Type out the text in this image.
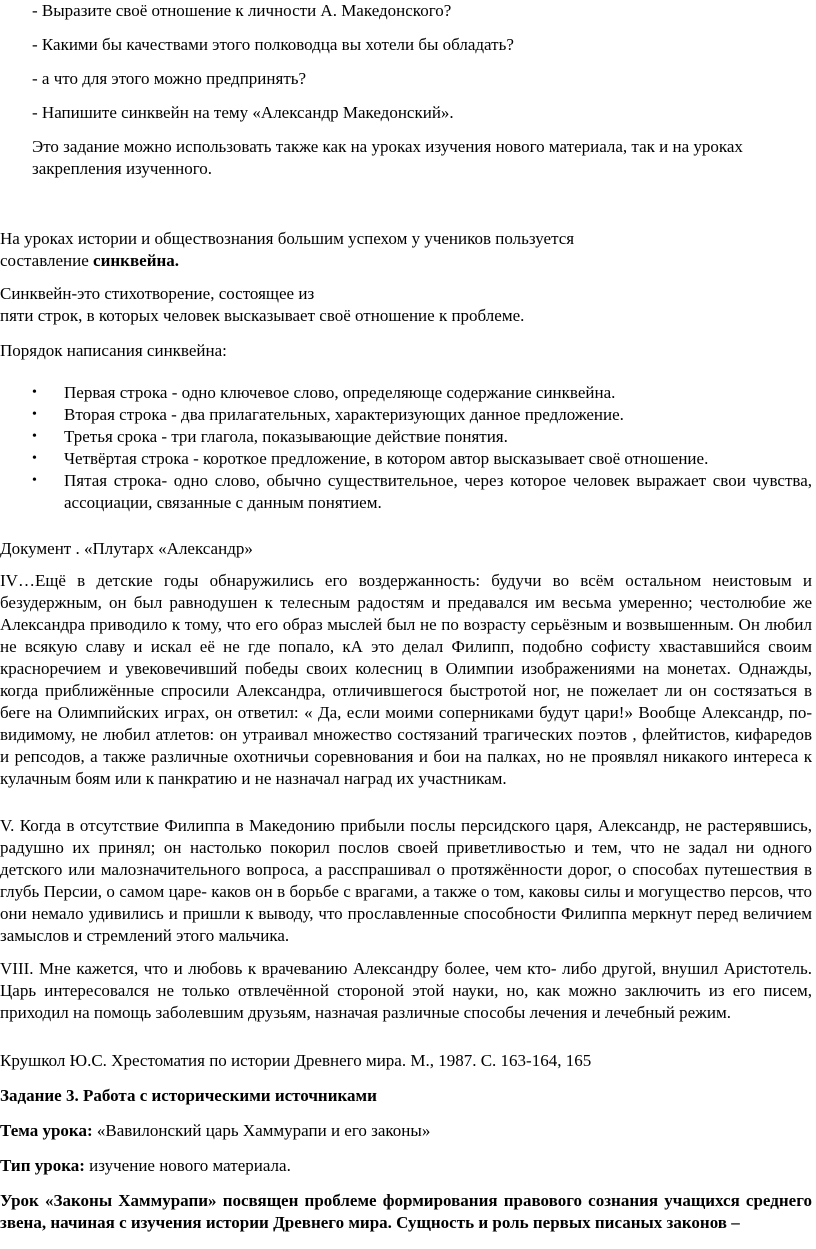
- Выразите своё отношение к личности А. Македонского?

- Какими бы качествами этого полководца вы хотели бы обладать?

- а что для этого можно предпринять?

- Напишите синквейн на тему «Александр Македонский».

Это задание можно использовать также как на уроках изучения нового материала, так и на уроках закрепления изученного.

На уроках истории и обществознания большим успехом у учеников пользуется
составление синквейна.

Синквейн-это стихотворение, состоящее из
пяти строк, в которых человек высказывает своё отношение к проблеме.

Порядок написания синквейна:

• Первая строка - одно ключевое слово, определяюще содержание синквейна.
• Вторая строка - два прилагательных, характеризующих данное предложение.
• Третья срока - три глагола, показывающие действие понятия.
• Четвёртая строка - короткое предложение, в котором автор высказывает своё отношение.
• Пятая строка- одно слово, обычно существительное, через которое человек выражает свои чувства, ассоциации, связанные с данным понятием.

Документ . «Плутарх «Александр»

IV…Ещё в детские годы обнаружились его воздержанность: будучи во всём остальном неистовым и безудержным, он был равнодушен к телесным радостям и предавался им весьма умеренно; честолюбие же Александра приводило к тому, что его образ мыслей был не по возрасту серьёзным и возвышенным. Он любил не всякую славу и искал её не где попало, кА это делал Филипп, подобно софисту хваставшийся своим красноречием и увековечивший победы своих колесниц в Олимпии изображениями на монетах. Однажды, когда приближённые спросили Александра, отличившегося быстротой ног, не пожелает ли он состязаться в беге на Олимпийских играх, он ответил: « Да, если моими соперниками будут цари!» Вообще Александр, по- видимому, не любил атлетов: он утраивал множество состязаний трагических поэтов , флейтистов, кифаредов и репсодов, а также различные охотничьи соревнования и бои на палках, но не проявлял никакого интереса к кулачным боям или к панкратию и не назначал наград их участникам.

V. Когда в отсутствие Филиппа в Македонию прибыли послы персидского царя, Александр, не растерявшись, радушно их принял; он настолько покорил послов своей приветливостью и тем, что не задал ни одного детского или малозначительного вопроса, а расспрашивал о протяжённости дорог, о способах путешествия в глубь Персии, о самом царе- каков он в борьбе с врагами, а также о том, каковы силы и могущество персов, что они немало удивились и пришли к выводу, что прославленные способности Филиппа меркнут перед величием замыслов и стремлений этого мальчика.

VIII. Мне кажется, что и любовь к врачеванию Александру более, чем кто- либо другой, внушил Аристотель. Царь интересовался не только отвлечённой стороной этой науки, но, как можно заключить из его писем, приходил на помощь заболевшим друзьям, назначая различные способы лечения и лечебный режим.

Крушкол Ю.С. Хрестоматия по истории Древнего мира. М., 1987. С. 163-164, 165

Задание 3. Работа с историческими источниками

Тема урока: «Вавилонский царь Хаммурапи и его законы»

Тип урока: изучение нового материала.

Урок «Законы Хаммурапи» посвящен проблеме формирования правового сознания учащихся среднего звена, начиная с изучения истории Древнего мира. Сущность и роль первых писаных законов –
